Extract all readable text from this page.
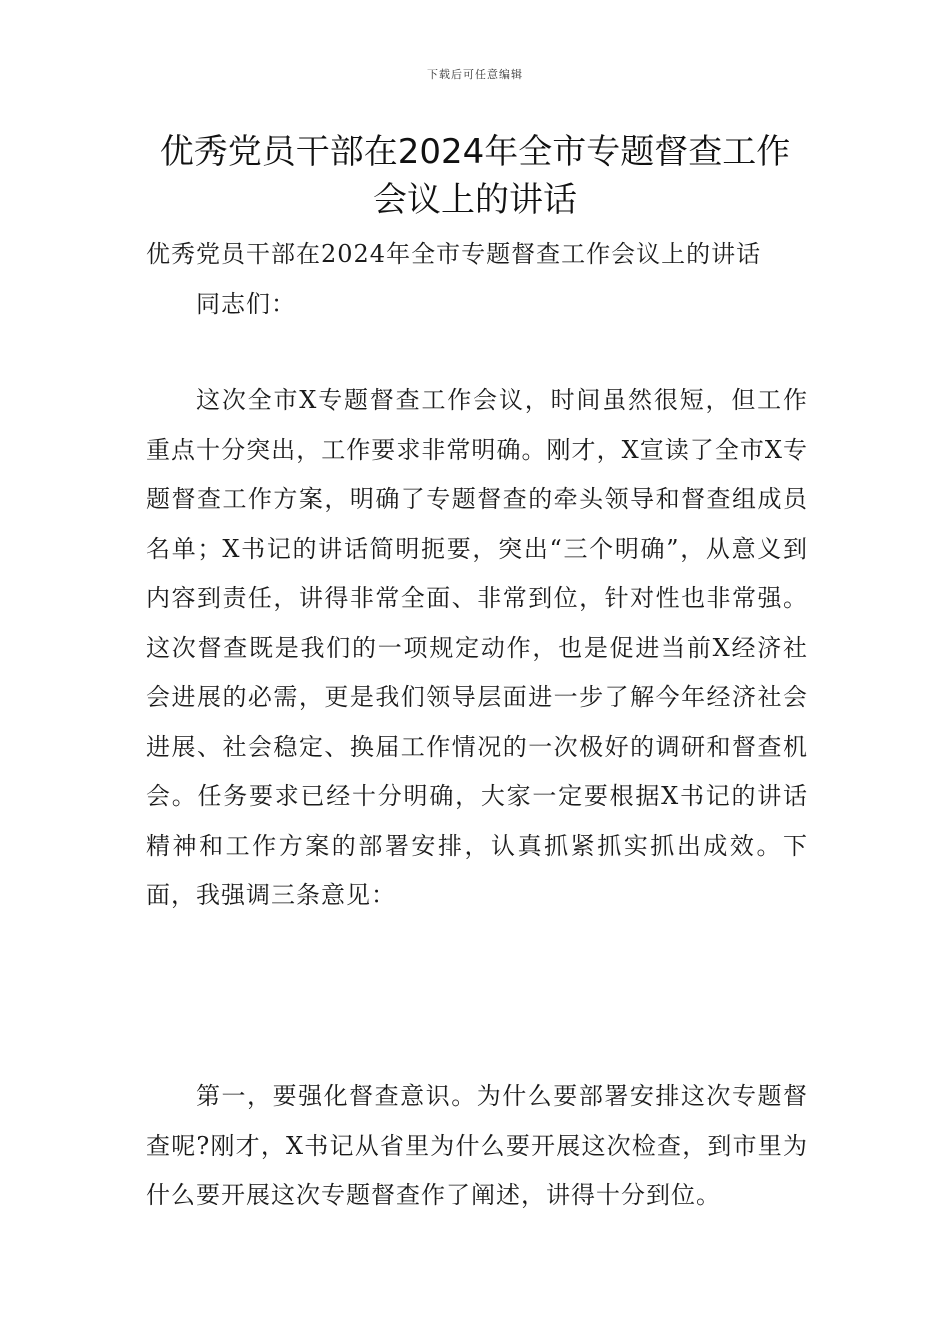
下载后可任意编辑
优秀党员干部在2024年全市专题督查工作
会议上的讲话

优秀党员干部在2024年全市专题督查工作会议上的讲话

同志们：

这次全市X专题督查工作会议，时间虽然很短，但工作重点十分突出，工作要求非常明确。刚才，X宣读了全市X专题督查工作方案，明确了专题督查的牵头领导和督查组成员名单；X书记的讲话简明扼要，突出“三个明确”，从意义到内容到责任，讲得非常全面、非常到位，针对性也非常强。这次督查既是我们的一项规定动作，也是促进当前X经济社会进展的必需，更是我们领导层面进一步了解今年经济社会进展、社会稳定、换届工作情况的一次极好的调研和督查机会。任务要求已经十分明确，大家一定要根据X书记的讲话精神和工作方案的部署安排，认真抓紧抓实抓出成效。下面，我强调三条意见：

第一，要强化督查意识。为什么要部署安排这次专题督查呢?刚才，X书记从省里为什么要开展这次检查，到市里为什么要开展这次专题督查作了阐述，讲得十分到位。
